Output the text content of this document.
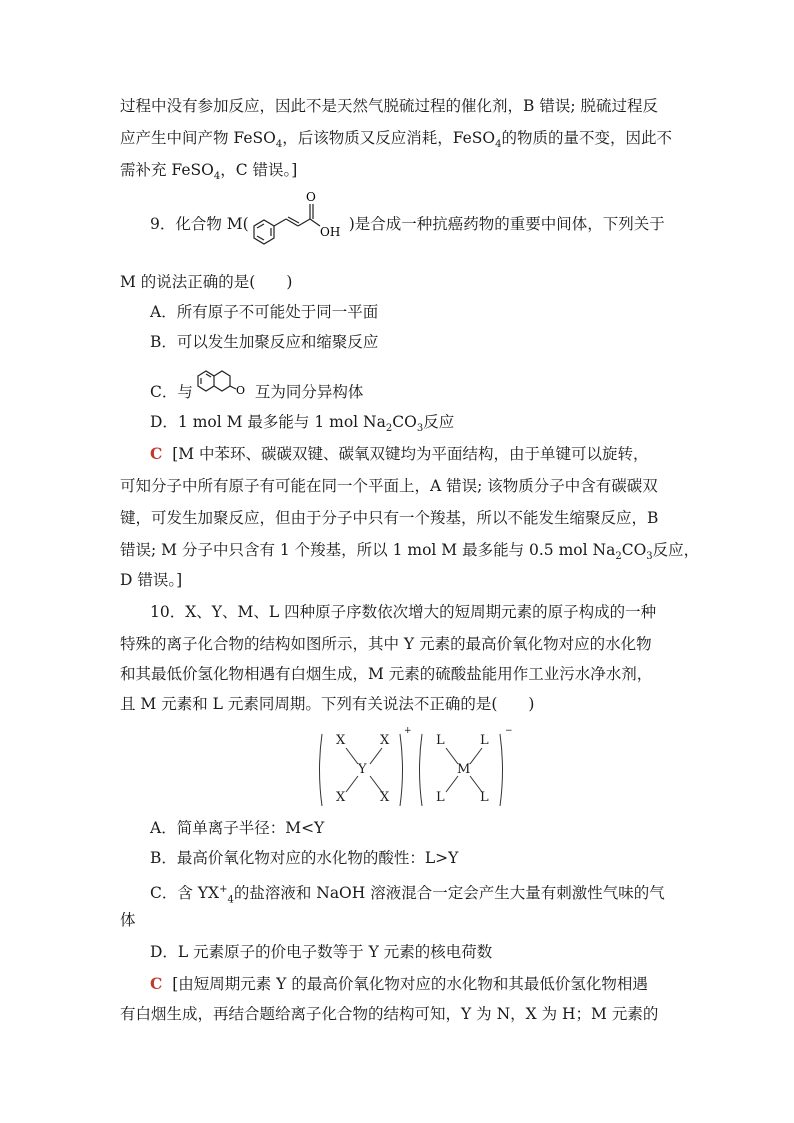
过程中没有参加反应，因此不是天然气脱硫过程的催化剂，B 错误; 脱硫过程反
应产生中间产物 FeSO$_4$，后该物质又反应消耗，FeSO$_4$的物质的量不变，因此不
需补充 FeSO$_4$，C 错误。]
9．化合物 M(	)是合成一种抗癌药物的重要中间体，下列关于
O
OH
M 的说法正确的是(　　)
A．所有原子不可能处于同一平面
B．可以发生加聚反应和缩聚反应
C．与	互为同分异构体
O
D．1 mol M 最多能与 1 mol $Na_2CO_3$反应
C [M 中苯环、碳碳双键、碳氧双键均为平面结构，由于单键可以旋转，
可知分子中所有原子有可能在同一个平面上，A 错误; 该物质分子中含有碳碳双
键，可发生加聚反应，但由于分子中只有一个羧基，所以不能发生缩聚反应，B
错误; M 分子中只含有 1 个羧基，所以 1 mol M 最多能与 0.5 mol $Na_2CO_3$反应，
D 错误。]
10．X、Y、M、L 四种原子序数依次增大的短周期元素的原子构成的一种
特殊的离子化合物的结构如图所示，其中 Y 元素的最高价氧化物对应的水化物
和其最低价氢化物相遇有白烟生成，M 元素的硫酸盐能用作工业污水净水剂，
且 M 元素和 L 元素同周期。下列有关说法不正确的是(　　)
X	X
Y
X	X
+
L	L
M
L	L
−
A．简单离子半径：M<Y
B．最高价氧化物对应的水化物的酸性：L>Y
C．含 $YX^+_4$的盐溶液和 NaOH 溶液混合一定会产生大量有刺激性气味的气
体
D．L 元素原子的价电子数等于 Y 元素的核电荷数
C [由短周期元素 Y 的最高价氧化物对应的水化物和其最低价氢化物相遇
有白烟生成，再结合题给离子化合物的结构可知，Y 为 N，X 为 H；M 元素的
